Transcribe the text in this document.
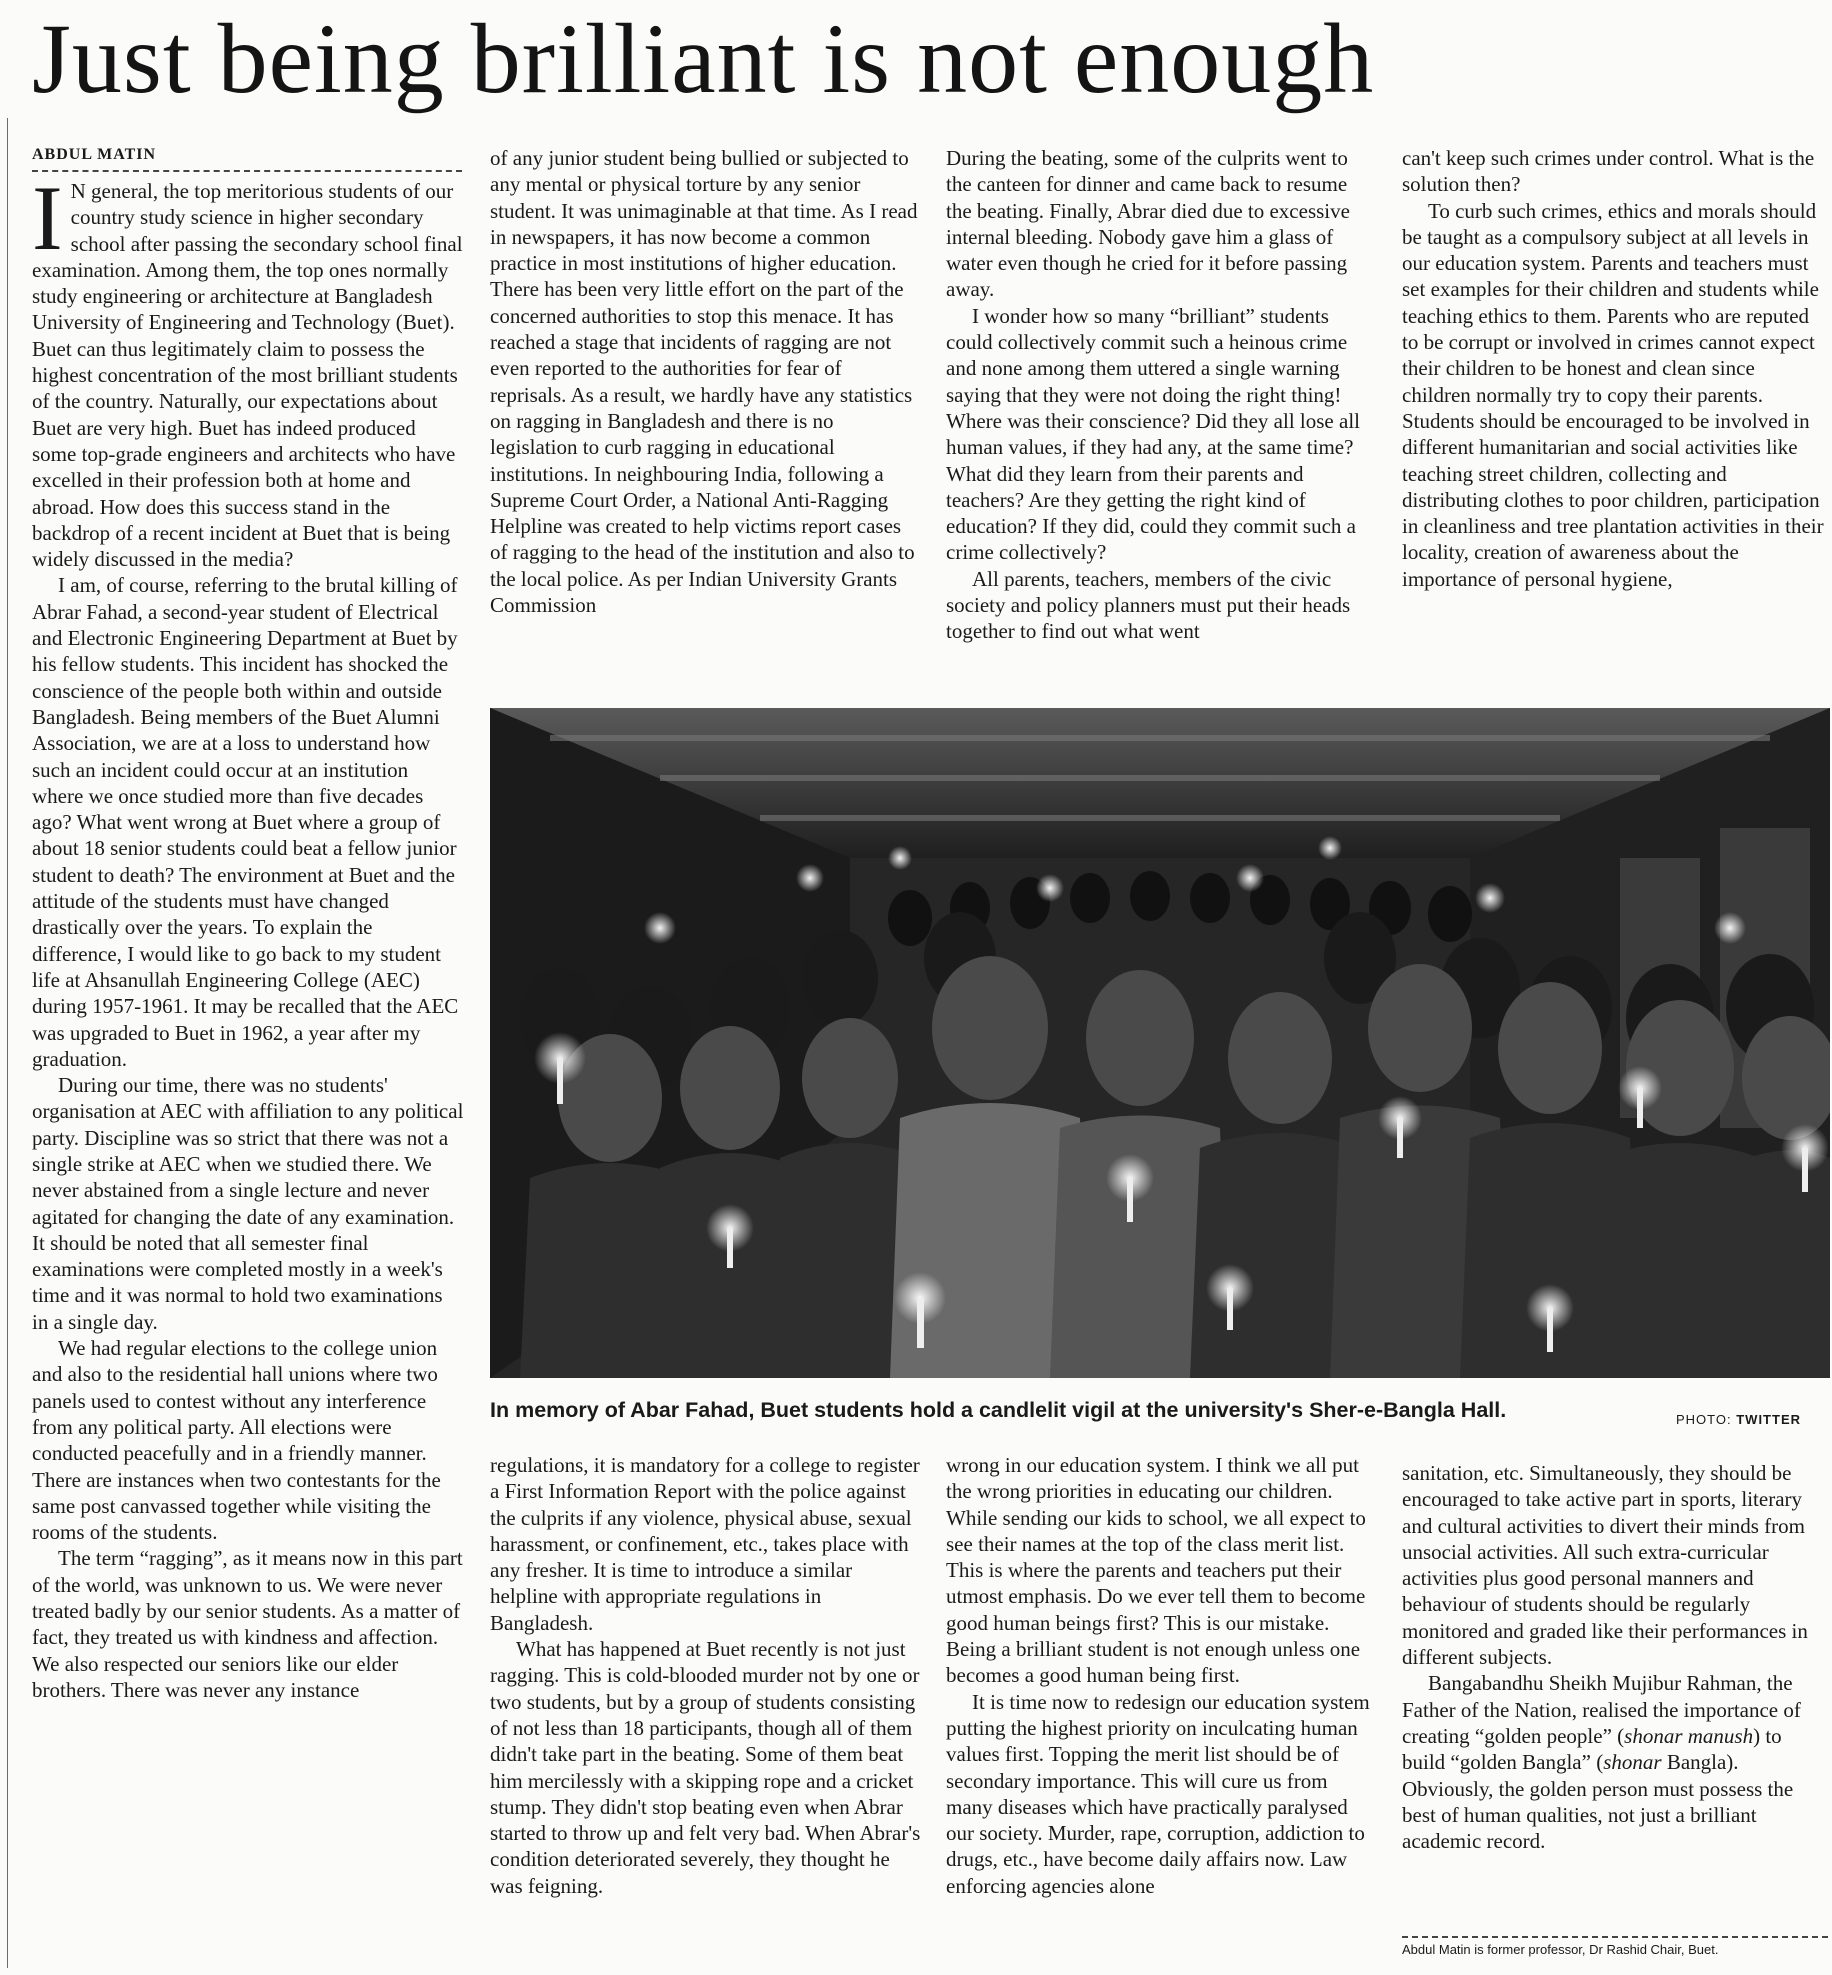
Just being brilliant is not enough
ABDUL MATIN

I N general, the top meritorious students of our country study science in higher secondary school after passing the secondary school final examination. Among them, the top ones normally study engineering or architecture at Bangladesh University of Engineering and Technology (Buet). Buet can thus legitimately claim to possess the highest concentration of the most brilliant students of the country. Naturally, our expectations about Buet are very high. Buet has indeed produced some top-grade engineers and architects who have excelled in their profession both at home and abroad. How does this success stand in the backdrop of a recent incident at Buet that is being widely discussed in the media?

I am, of course, referring to the brutal killing of Abrar Fahad, a second-year student of Electrical and Electronic Engineering Department at Buet by his fellow students. This incident has shocked the conscience of the people both within and outside Bangladesh. Being members of the Buet Alumni Association, we are at a loss to understand how such an incident could occur at an institution where we once studied more than five decades ago? What went wrong at Buet where a group of about 18 senior students could beat a fellow junior student to death? The environment at Buet and the attitude of the students must have changed drastically over the years. To explain the difference, I would like to go back to my student life at Ahsanullah Engineering College (AEC) during 1957-1961. It may be recalled that the AEC was upgraded to Buet in 1962, a year after my graduation.

During our time, there was no students' organisation at AEC with affiliation to any political party. Discipline was so strict that there was not a single strike at AEC when we studied there. We never abstained from a single lecture and never agitated for changing the date of any examination. It should be noted that all semester final examinations were completed mostly in a week's time and it was normal to hold two examinations in a single day.

We had regular elections to the college union and also to the residential hall unions where two panels used to contest without any interference from any political party. All elections were conducted peacefully and in a friendly manner. There are instances when two contestants for the same post canvassed together while visiting the rooms of the students.

The term “ragging”, as it means now in this part of the world, was unknown to us. We were never treated badly by our senior students. As a matter of fact, they treated us with kindness and affection. We also respected our seniors like our elder brothers. There was never any instance

of any junior student being bullied or subjected to any mental or physical torture by any senior student. It was unimaginable at that time. As I read in newspapers, it has now become a common practice in most institutions of higher education. There has been very little effort on the part of the concerned authorities to stop this menace. It has reached a stage that incidents of ragging are not even reported to the authorities for fear of reprisals. As a result, we hardly have any statistics on ragging in Bangladesh and there is no legislation to curb ragging in educational institutions. In neighbouring India, following a Supreme Court Order, a National Anti-Ragging Helpline was created to help victims report cases of ragging to the head of the institution and also to the local police. As per Indian University Grants Commission

During the beating, some of the culprits went to the canteen for dinner and came back to resume the beating. Finally, Abrar died due to excessive internal bleeding. Nobody gave him a glass of water even though he cried for it before passing away.

I wonder how so many “brilliant” students could collectively commit such a heinous crime and none among them uttered a single warning saying that they were not doing the right thing! Where was their conscience? Did they all lose all human values, if they had any, at the same time? What did they learn from their parents and teachers? Are they getting the right kind of education? If they did, could they commit such a crime collectively?

All parents, teachers, members of the civic society and policy planners must put their heads together to find out what went

can't keep such crimes under control. What is the solution then?

To curb such crimes, ethics and morals should be taught as a compulsory subject at all levels in our education system. Parents and teachers must set examples for their children and students while teaching ethics to them. Parents who are reputed to be corrupt or involved in crimes cannot expect their children to be honest and clean since children normally try to copy their parents. Students should be encouraged to be involved in different humanitarian and social activities like teaching street children, collecting and distributing clothes to poor children, participation in cleanliness and tree plantation activities in their locality, creation of awareness about the importance of personal hygiene,

In memory of Abar Fahad, Buet students hold a candlelit vigil at the university's Sher-e-Bangla Hall.	PHOTO: TWITTER

regulations, it is mandatory for a college to register a First Information Report with the police against the culprits if any violence, physical abuse, sexual harassment, or confinement, etc., takes place with any fresher. It is time to introduce a similar helpline with appropriate regulations in Bangladesh.

What has happened at Buet recently is not just ragging. This is cold-blooded murder not by one or two students, but by a group of students consisting of not less than 18 participants, though all of them didn't take part in the beating. Some of them beat him mercilessly with a skipping rope and a cricket stump. They didn't stop beating even when Abrar started to throw up and felt very bad. When Abrar's condition deteriorated severely, they thought he was feigning.

wrong in our education system. I think we all put the wrong priorities in educating our children. While sending our kids to school, we all expect to see their names at the top of the class merit list. This is where the parents and teachers put their utmost emphasis. Do we ever tell them to become good human beings first? This is our mistake. Being a brilliant student is not enough unless one becomes a good human being first.

It is time now to redesign our education system putting the highest priority on inculcating human values first. Topping the merit list should be of secondary importance. This will cure us from many diseases which have practically paralysed our society. Murder, rape, corruption, addiction to drugs, etc., have become daily affairs now. Law enforcing agencies alone

sanitation, etc. Simultaneously, they should be encouraged to take active part in sports, literary and cultural activities to divert their minds from unsocial activities. All such extra-curricular activities plus good personal manners and behaviour of students should be regularly monitored and graded like their performances in different subjects.

Bangabandhu Sheikh Mujibur Rahman, the Father of the Nation, realised the importance of creating “golden people” (shonar manush) to build “golden Bangla” (shonar Bangla). Obviously, the golden person must possess the best of human qualities, not just a brilliant academic record.

Abdul Matin is former professor, Dr Rashid Chair, Buet.
